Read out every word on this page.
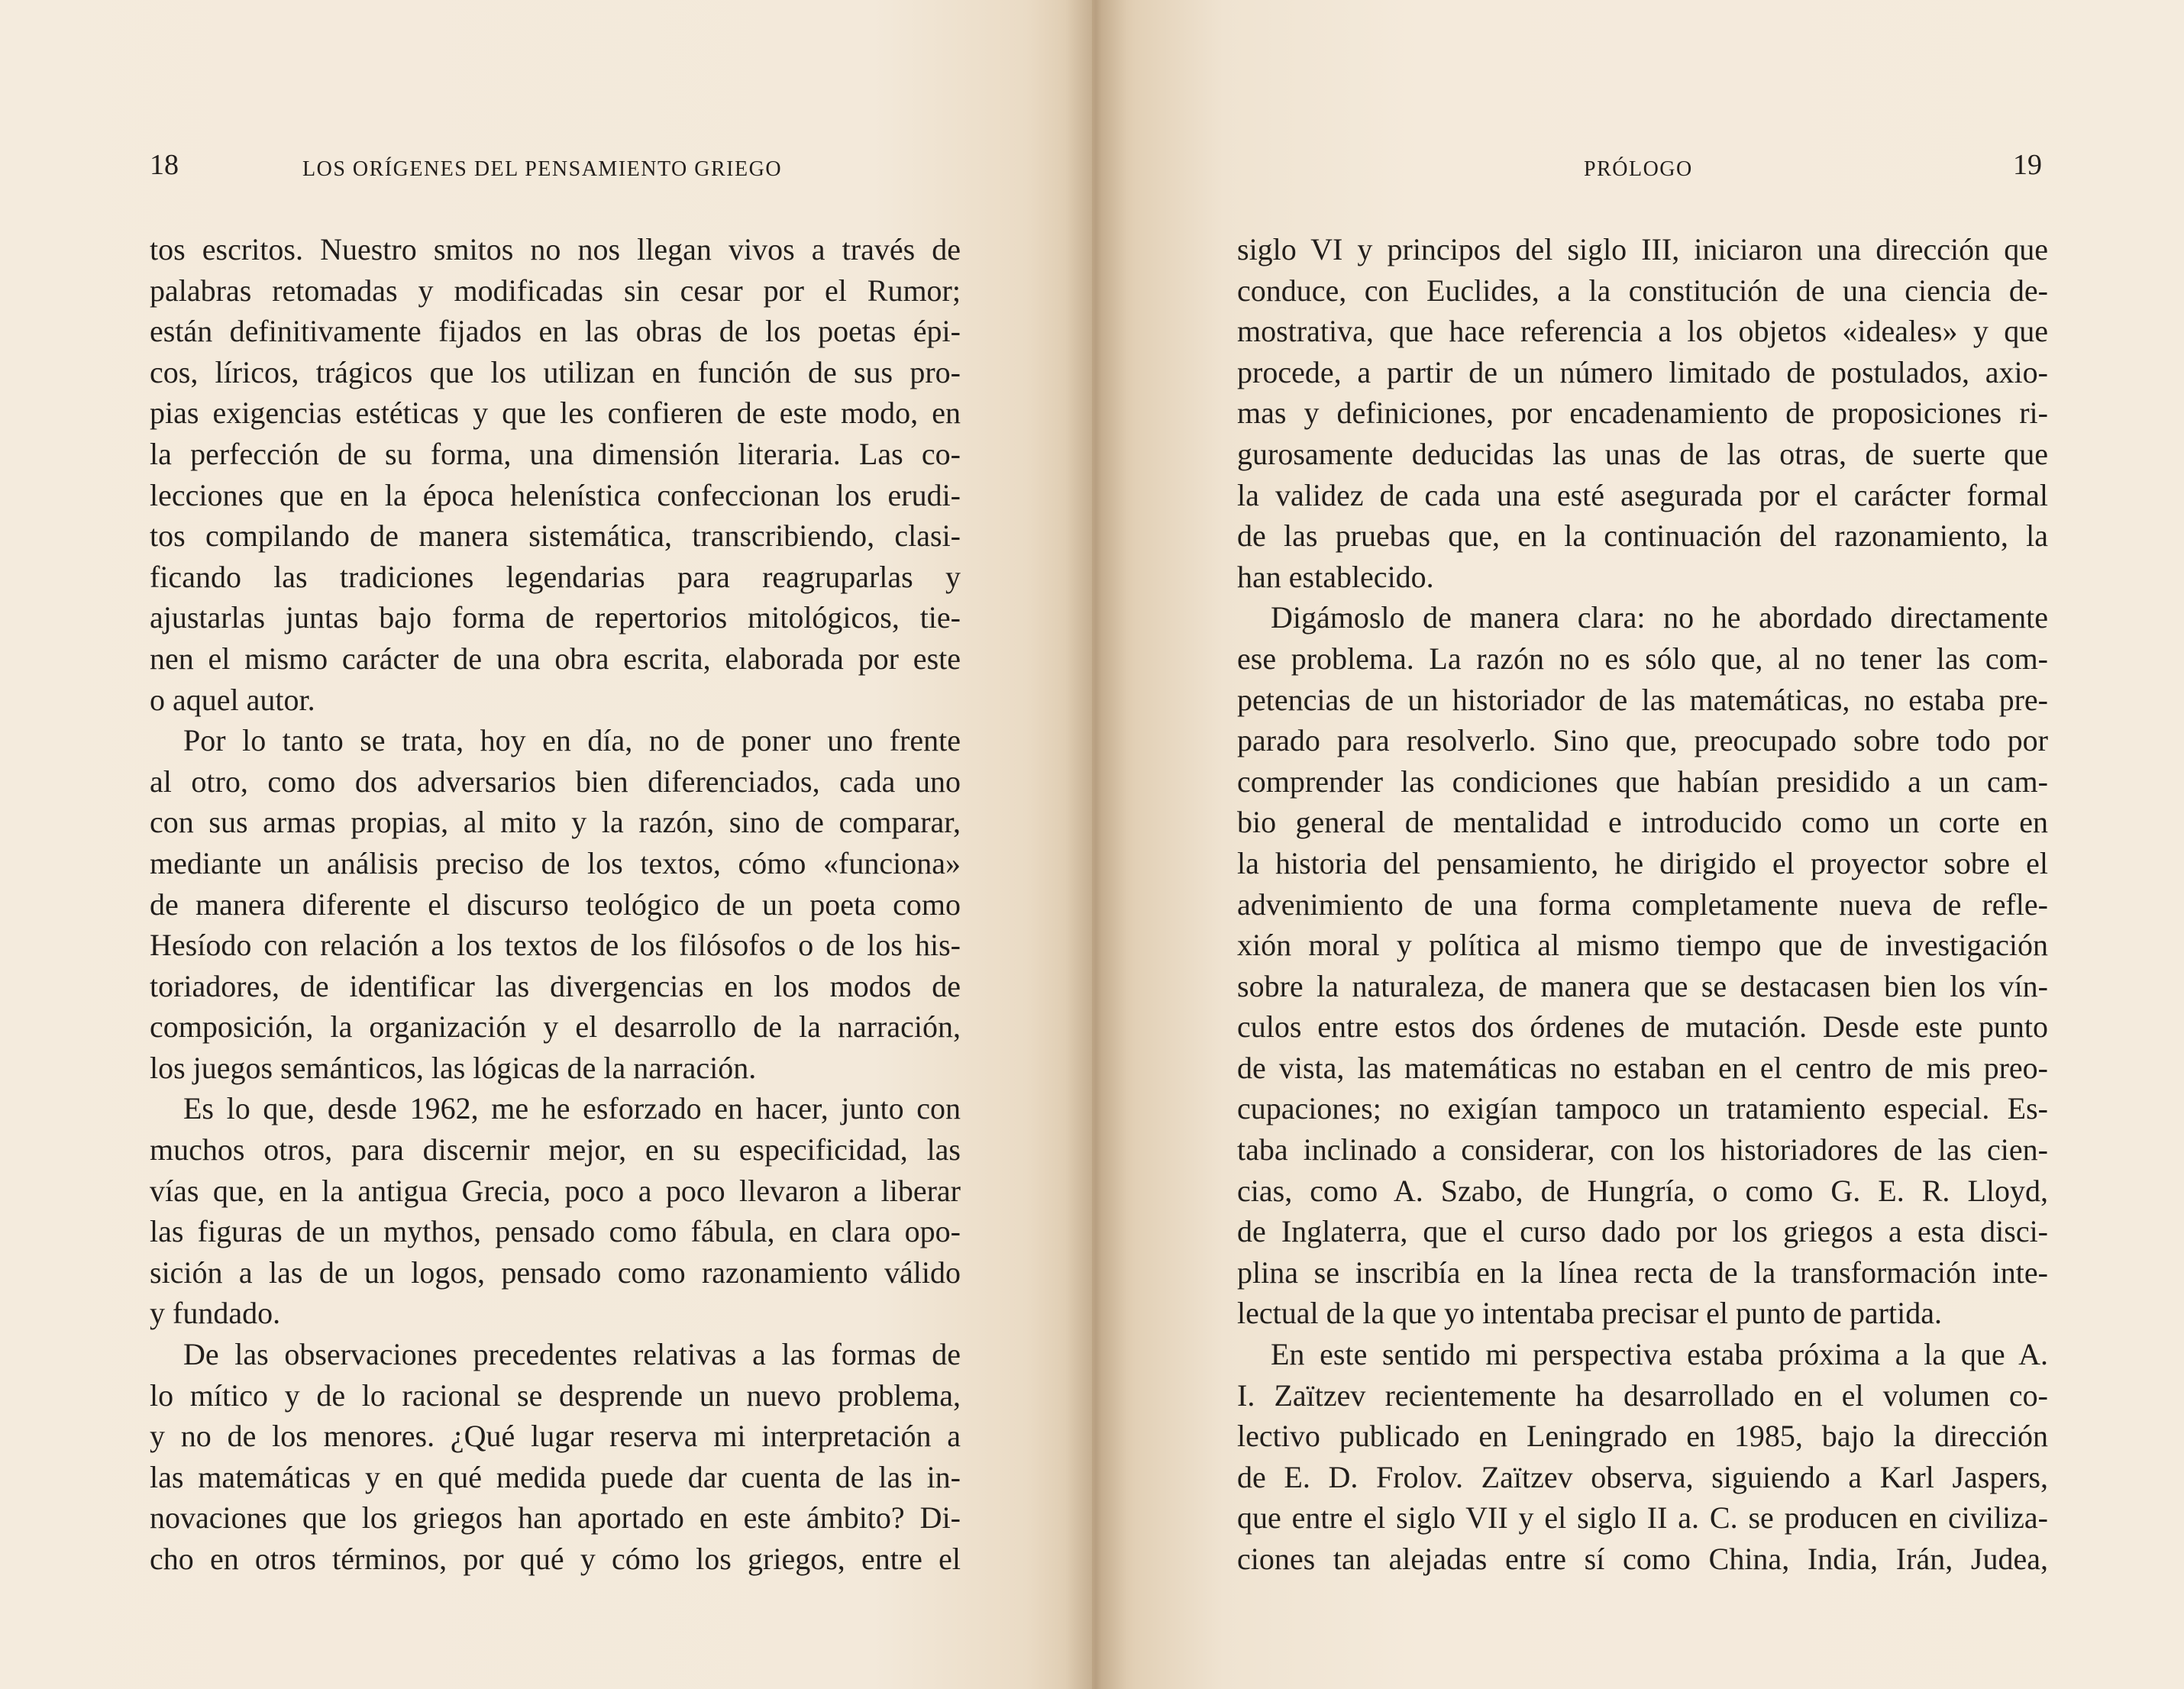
18	LOS ORÍGENES DEL PENSAMIENTO GRIEGO
tos escritos. Nuestro smitos no nos llegan vivos a través de
palabras retomadas y modificadas sin cesar por el Rumor;
están definitivamente fijados en las obras de los poetas épi-
cos, líricos, trágicos que los utilizan en función de sus pro-
pias exigencias estéticas y que les confieren de este modo, en
la perfección de su forma, una dimensión literaria. Las co-
lecciones que en la época helenística confeccionan los erudi-
tos compilando de manera sistemática, transcribiendo, clasi-
ficando las tradiciones legendarias para reagruparlas y
ajustarlas juntas bajo forma de repertorios mitológicos, tie-
nen el mismo carácter de una obra escrita, elaborada por este
o aquel autor.
Por lo tanto se trata, hoy en día, no de poner uno frente
al otro, como dos adversarios bien diferenciados, cada uno
con sus armas propias, al mito y la razón, sino de comparar,
mediante un análisis preciso de los textos, cómo «funciona»
de manera diferente el discurso teológico de un poeta como
Hesíodo con relación a los textos de los filósofos o de los his-
toriadores, de identificar las divergencias en los modos de
composición, la organización y el desarrollo de la narración,
los juegos semánticos, las lógicas de la narración.
Es lo que, desde 1962, me he esforzado en hacer, junto con
muchos otros, para discernir mejor, en su especificidad, las
vías que, en la antigua Grecia, poco a poco llevaron a liberar
las figuras de un mythos, pensado como fábula, en clara opo-
sición a las de un logos, pensado como razonamiento válido
y fundado.
De las observaciones precedentes relativas a las formas de
lo mítico y de lo racional se desprende un nuevo problema,
y no de los menores. ¿Qué lugar reserva mi interpretación a
las matemáticas y en qué medida puede dar cuenta de las in-
novaciones que los griegos han aportado en este ámbito? Di-
cho en otros términos, por qué y cómo los griegos, entre el
PRÓLOGO	19
siglo VI y principos del siglo III, iniciaron una dirección que
conduce, con Euclides, a la constitución de una ciencia de-
mostrativa, que hace referencia a los objetos «ideales» y que
procede, a partir de un número limitado de postulados, axio-
mas y definiciones, por encadenamiento de proposiciones ri-
gurosamente deducidas las unas de las otras, de suerte que
la validez de cada una esté asegurada por el carácter formal
de las pruebas que, en la continuación del razonamiento, la
han establecido.
Digámoslo de manera clara: no he abordado directamente
ese problema. La razón no es sólo que, al no tener las com-
petencias de un historiador de las matemáticas, no estaba pre-
parado para resolverlo. Sino que, preocupado sobre todo por
comprender las condiciones que habían presidido a un cam-
bio general de mentalidad e introducido como un corte en
la historia del pensamiento, he dirigido el proyector sobre el
advenimiento de una forma completamente nueva de refle-
xión moral y política al mismo tiempo que de investigación
sobre la naturaleza, de manera que se destacasen bien los vín-
culos entre estos dos órdenes de mutación. Desde este punto
de vista, las matemáticas no estaban en el centro de mis preo-
cupaciones; no exigían tampoco un tratamiento especial. Es-
taba inclinado a considerar, con los historiadores de las cien-
cias, como A. Szabo, de Hungría, o como G. E. R. Lloyd,
de Inglaterra, que el curso dado por los griegos a esta disci-
plina se inscribía en la línea recta de la transformación inte-
lectual de la que yo intentaba precisar el punto de partida.
En este sentido mi perspectiva estaba próxima a la que A.
I. Zaïtzev recientemente ha desarrollado en el volumen co-
lectivo publicado en Leningrado en 1985, bajo la dirección
de E. D. Frolov. Zaïtzev observa, siguiendo a Karl Jaspers,
que entre el siglo VII y el siglo II a. C. se producen en civiliza-
ciones tan alejadas entre sí como China, India, Irán, Judea,
